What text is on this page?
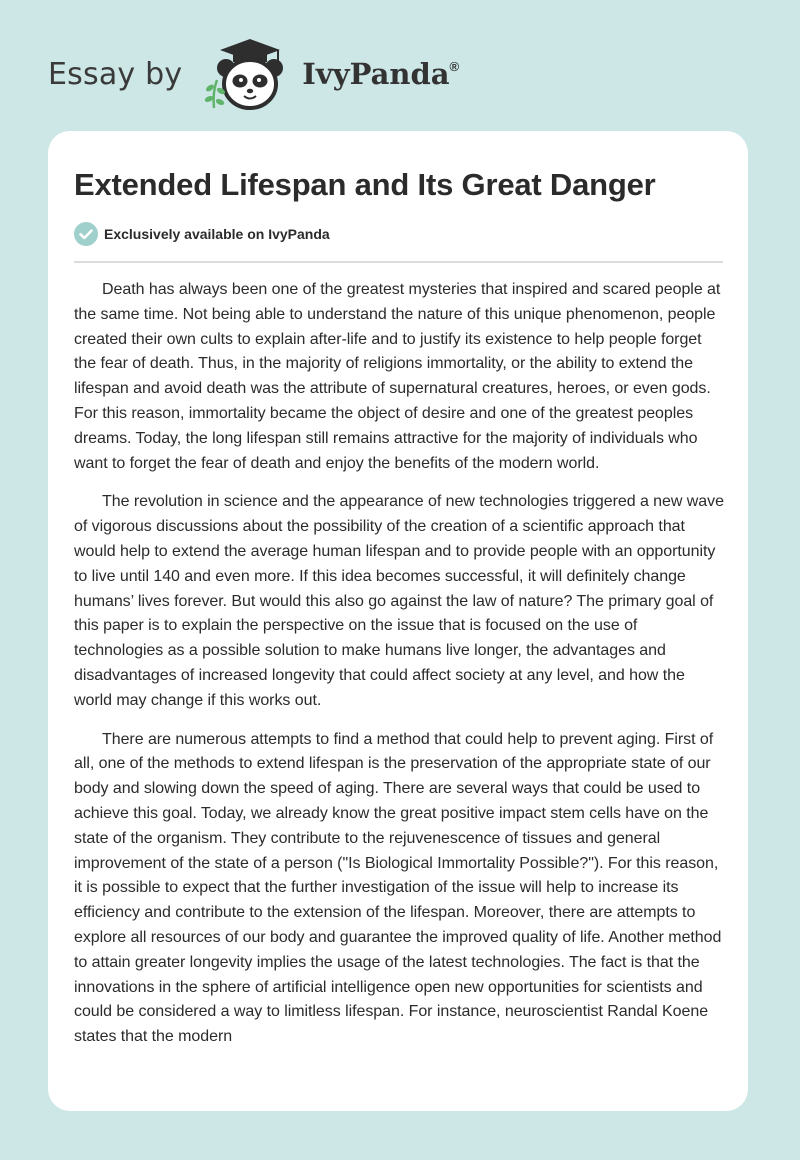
Essay by	IvyPanda®
Extended Lifespan and Its Great Danger
Exclusively available on IvyPanda

Death has always been one of the greatest mysteries that inspired and scared people at the same time. Not being able to understand the nature of this unique phenomenon, people created their own cults to explain after-life and to justify its existence to help people forget the fear of death. Thus, in the majority of religions immortality, or the ability to extend the lifespan and avoid death was the attribute of supernatural creatures, heroes, or even gods. For this reason, immortality became the object of desire and one of the greatest peoples dreams. Today, the long lifespan still remains attractive for the majority of individuals who want to forget the fear of death and enjoy the benefits of the modern world.

The revolution in science and the appearance of new technologies triggered a new wave of vigorous discussions about the possibility of the creation of a scientific approach that would help to extend the average human lifespan and to provide people with an opportunity to live until 140 and even more. If this idea becomes successful, it will definitely change humans’ lives forever. But would this also go against the law of nature? The primary goal of this paper is to explain the perspective on the issue that is focused on the use of technologies as a possible solution to make humans live longer, the advantages and disadvantages of increased longevity that could affect society at any level, and how the world may change if this works out.

There are numerous attempts to find a method that could help to prevent aging. First of all, one of the methods to extend lifespan is the preservation of the appropriate state of our body and slowing down the speed of aging. There are several ways that could be used to achieve this goal. Today, we already know the great positive impact stem cells have on the state of the organism. They contribute to the rejuvenescence of tissues and general improvement of the state of a person ("Is Biological Immortality Possible?"). For this reason, it is possible to expect that the further investigation of the issue will help to increase its efficiency and contribute to the extension of the lifespan. Moreover, there are attempts to explore all resources of our body and guarantee the improved quality of life. Another method to attain greater longevity implies the usage of the latest technologies. The fact is that the innovations in the sphere of artificial intelligence open new opportunities for scientists and could be considered a way to limitless lifespan. For instance, neuroscientist Randal Koene states that the modern
